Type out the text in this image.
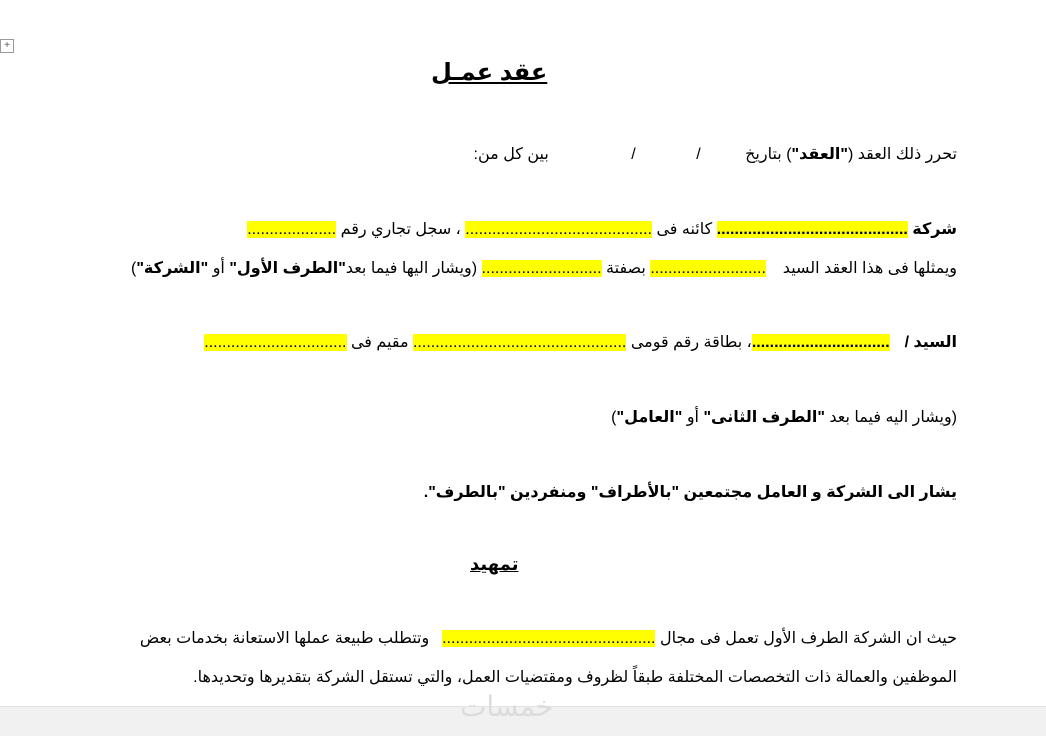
+
عقد عمـل
تحرر ذلك العقد ("العقد") بتاريخ / / بين كل من:
شركة ........................................... كائنه فى .......................................... ، سجل تجاري رقم ....................
ويمثلها فى هذا العقد السيد  .......................... بصفتة ........................... (ويشار اليها فيما بعد"الطرف الأول" أو "الشركة")
السيد /  ...............................، بطاقة رقم قومى ................................................ مقيم فى ................................
(ويشار اليه فيما بعد "الطرف الثانى" أو "العامل")
يشار الى الشركة و العامل مجتمعين "بالأطراف" ومنفردين "بالطرف".
تمهيد
حيث ان الشركة الطرف الأول تعمل فى مجال ................................................  وتتطلب طبيعة عملها الاستعانة بخدمات بعض
الموظفين والعمالة ذات التخصصات المختلفة طبقاً لظروف ومقتضيات العمل، والتي تستقل الشركة بتقديرها وتحديدها.
خمسات
